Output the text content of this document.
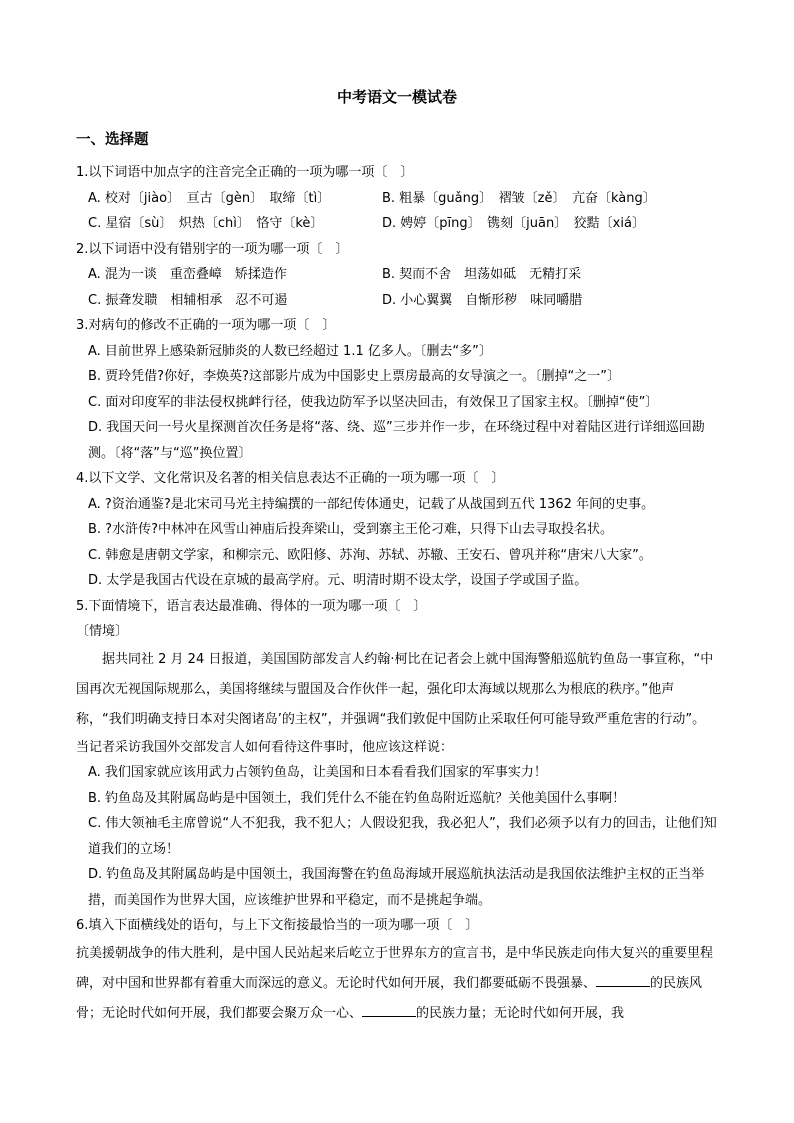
中考语文一模试卷
一、选择题
1.以下词语中加点字的注音完全正确的一项为哪一项〔　〕
A. 校对〔jiào〕　亘古〔gèn〕　取缔〔tì〕	B. 粗暴〔guǎng〕　褶皱〔zě〕　亢奋〔kàng〕
C. 星宿〔sù〕　炽热〔chì〕　恪守〔kè〕	D. 娉婷〔pīng〕　镌刻〔juān〕　狡黠〔xiá〕
2.以下词语中没有错别字的一项为哪一项〔　〕
A. 混为一谈　重峦叠嶂　矫揉造作	B. 契而不舍　坦荡如砥　无精打采
C. 振聋发聩　相辅相承　忍不可遏	D. 小心翼翼　自惭形秽　味同嚼腊
3.对病句的修改不正确的一项为哪一项〔　〕
A. 目前世界上感染新冠肺炎的人数已经超过 1.1 亿多人。〔删去“多”〕
B. 贾玲凭借?你好，李焕英?这部影片成为中国影史上票房最高的女导演之一。〔删掉“之一”〕
C. 面对印度军的非法侵权挑衅行径，使我边防军予以坚决回击，有效保卫了国家主权。〔删掉“使”〕
D. 我国天问一号火星探测首次任务是将“落、绕、巡”三步并作一步，在环绕过程中对着陆区进行详细巡回勘测。〔将“落”与“巡”换位置〕
4.以下文学、文化常识及名著的相关信息表达不正确的一项为哪一项〔　〕
A. ?资治通鉴?是北宋司马光主持编撰的一部纪传体通史，记载了从战国到五代 1362 年间的史事。
B. ?水浒传?中林冲在风雪山神庙后投奔梁山，受到寨主王伦刁难，只得下山去寻取投名状。
C. 韩愈是唐朝文学家，和柳宗元、欧阳修、苏洵、苏轼、苏辙、王安石、曾巩并称“唐宋八大家”。
D. 太学是我国古代设在京城的最高学府。元、明清时期不设太学，设国子学或国子监。
5.下面情境下，语言表达最准确、得体的一项为哪一项〔　〕
〔情境〕
据共同社 2 月 24 日报道，美国国防部发言人约翰·柯比在记者会上就中国海警船巡航钓鱼岛一事宣称，“中国再次无视国际规那么，美国将继续与盟国及合作伙伴一起，强化印太海域以规那么为根底的秩序。”他声称，“我们明确支持日本对尖阁诸岛’的主权”，并强调“我们敦促中国防止采取任何可能导致严重危害的行动”。
当记者采访我国外交部发言人如何看待这件事时，他应该这样说：
A. 我们国家就应该用武力占领钓鱼岛，让美国和日本看看我们国家的军事实力！
B. 钓鱼岛及其附属岛屿是中国领土，我们凭什么不能在钓鱼岛附近巡航？关他美国什么事啊！
C. 伟大领袖毛主席曾说“人不犯我，我不犯人；人假设犯我，我必犯人”，我们必须予以有力的回击，让他们知道我们的立场！
D. 钓鱼岛及其附属岛屿是中国领土，我国海警在钓鱼岛海域开展巡航执法活动是我国依法维护主权的正当举措，而美国作为世界大国，应该维护世界和平稳定，而不是挑起争端。
6.填入下面横线处的语句，与上下文衔接最恰当的一项为哪一项〔　〕
抗美援朝战争的伟大胜利，是中国人民站起来后屹立于世界东方的宣言书，是中华民族走向伟大复兴的重要里程碑，对中国和世界都有着重大而深远的意义。无论时代如何开展，我们都要砥砺不畏强暴、	的民族风骨；无论时代如何开展，我们都要会聚万众一心、	的民族力量；无论时代如何开展，我
